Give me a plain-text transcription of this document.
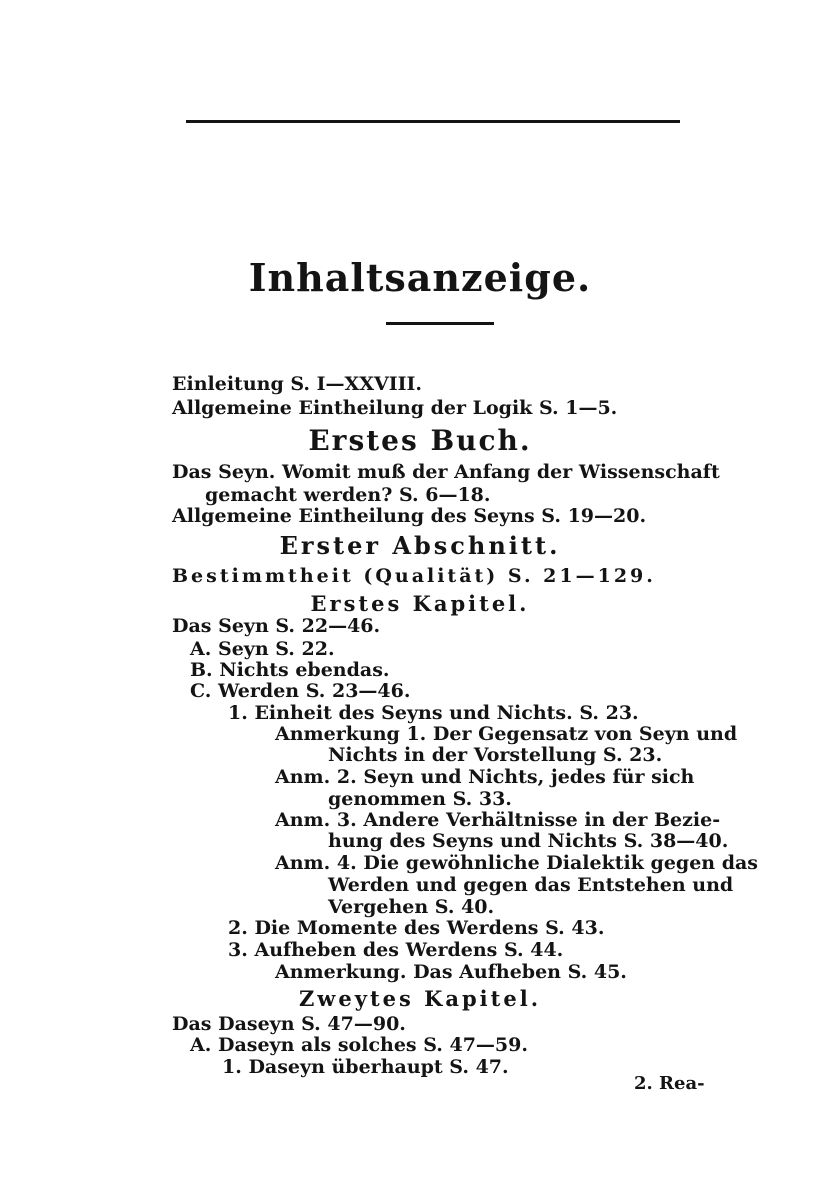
Inhaltsanzeige.
Einleitung S. I—XXVIII.
Allgemeine Eintheilung der Logik S. 1—5.
Erstes Buch.
Das Seyn. Womit muß der Anfang der Wissenschaft
gemacht werden? S. 6—18.
Allgemeine Eintheilung des Seyns S. 19—20.
Erster Abschnitt.
Bestimmtheit (Qualität) S. 21—129.
Erstes Kapitel.
Das Seyn S. 22—46.
A. Seyn S. 22.
B. Nichts ebendas.
C. Werden S. 23—46.
1. Einheit des Seyns und Nichts. S. 23.
Anmerkung 1. Der Gegensatz von Seyn und
Nichts in der Vorstellung S. 23.
Anm. 2. Seyn und Nichts, jedes für sich
genommen S. 33.
Anm. 3. Andere Verhältnisse in der Bezie-
hung des Seyns und Nichts S. 38—40.
Anm. 4. Die gewöhnliche Dialektik gegen das
Werden und gegen das Entstehen und
Vergehen S. 40.
2. Die Momente des Werdens S. 43.
3. Aufheben des Werdens S. 44.
Anmerkung. Das Aufheben S. 45.
Zweytes Kapitel.
Das Daseyn S. 47—90.
A. Daseyn als solches S. 47—59.
1. Daseyn überhaupt S. 47.
2. Rea-
